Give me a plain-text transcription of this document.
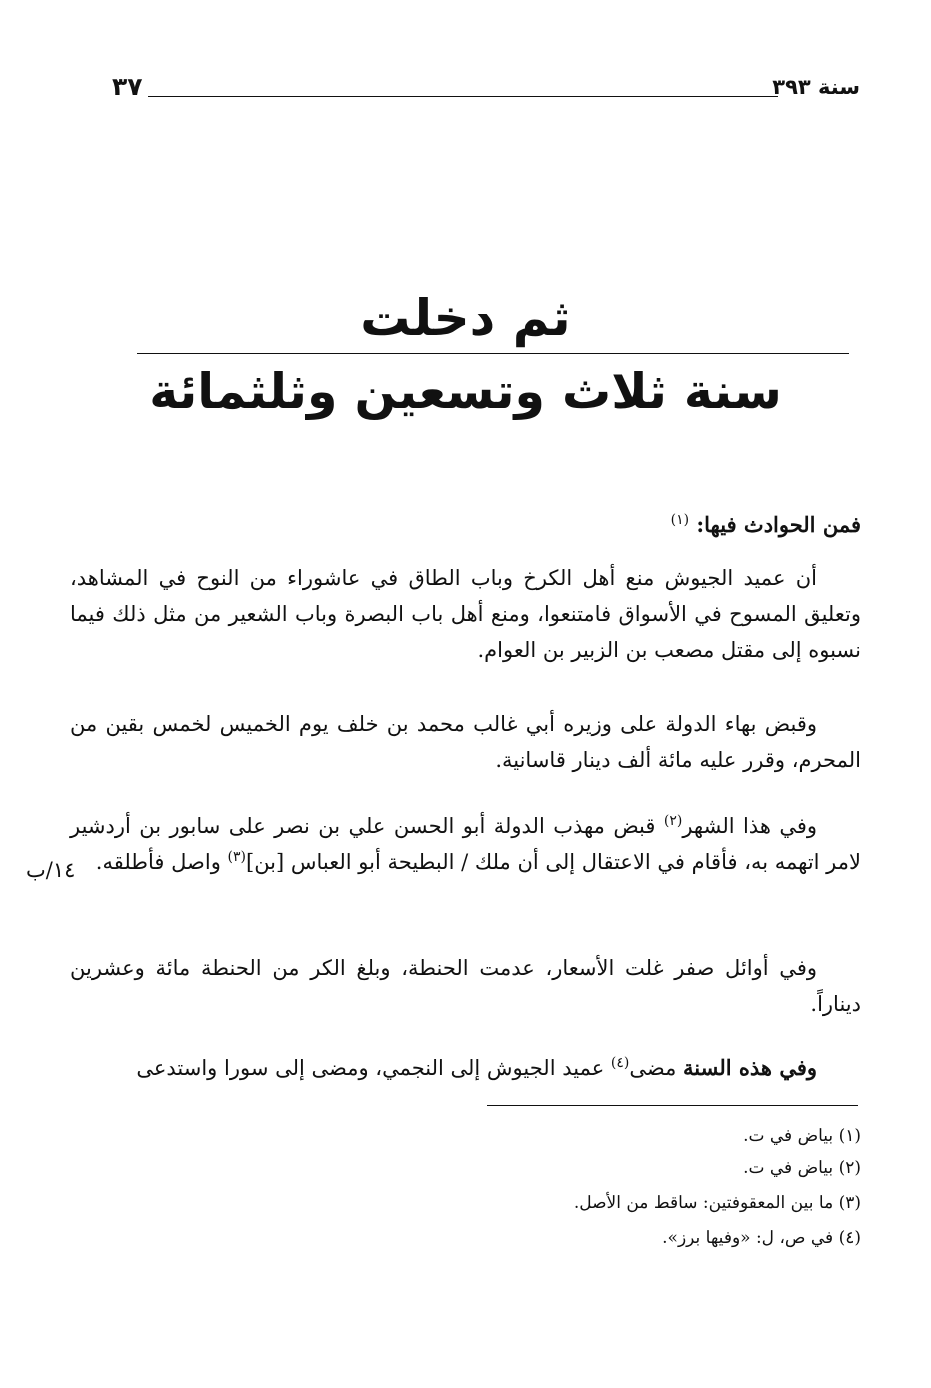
٣٧	سنة ٣٩٣
ثم دخلت
سنة ثلاث وتسعين وثلثمائة
فمن الحوادث فيها: $^{(١)}$
أن عميد الجيوش منع أهل الكرخ وباب الطاق في عاشوراء من النوح في المشاهد، وتعليق المسوح في الأسواق فامتنعوا، ومنع أهل باب البصرة وباب الشعير من مثل ذلك فيما نسبوه إلى مقتل مصعب بن الزبير بن العوام.
وقبض بهاء الدولة على وزيره أبي غالب محمد بن خلف يوم الخميس لخمس بقين من المحرم، وقرر عليه مائة ألف دينار قاسانية.
وفي هذا الشهر$^{(٢)}$ قبض مهذب الدولة أبو الحسن علي بن نصر على سابور بن أردشير لامر اتهمه به، فأقام في الاعتقال إلى أن ملك / البطيحة أبو العباس [بن]$^{(٣)}$ واصل فأطلقه.
١٤/ب
وفي أوائل صفر غلت الأسعار، عدمت الحنطة، وبلغ الكر من الحنطة مائة وعشرين ديناراً.
وفي هذه السنة مضى$^{(٤)}$ عميد الجيوش إلى النجمي، ومضى إلى سورا واستدعى
(١) بياض في ت.
(٢) بياض في ت.
(٣) ما بين المعقوفتين: ساقط من الأصل.
(٤) في ص، ل: «وفيها برز».
